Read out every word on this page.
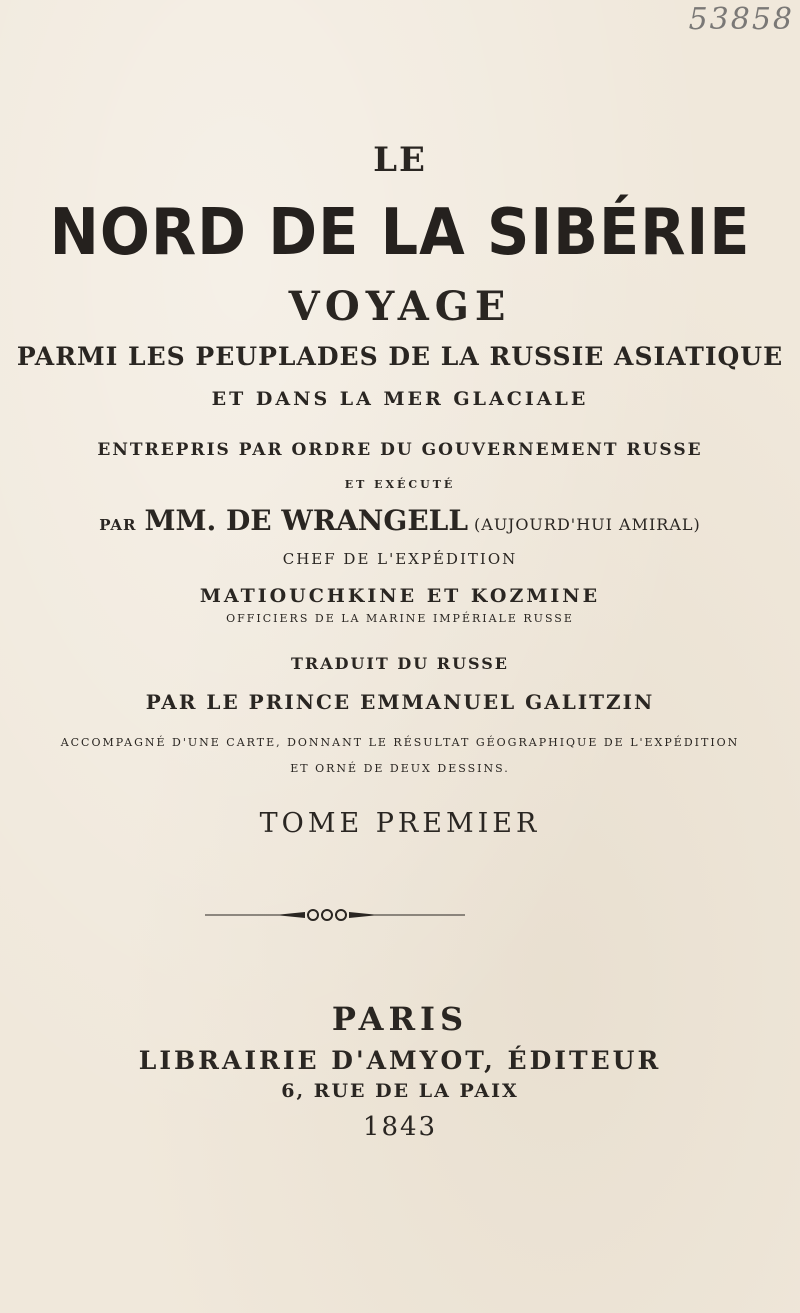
53858
LE
NORD DE LA SIBÉRIE
VOYAGE
PARMI LES PEUPLADES DE LA RUSSIE ASIATIQUE
ET DANS LA MER GLACIALE
ENTREPRIS PAR ORDRE DU GOUVERNEMENT RUSSE
ET EXÉCUTÉ
PAR MM. DE WRANGELL (AUJOURD'HUI AMIRAL)
CHEF DE L'EXPÉDITION
MATIOUCHKINE ET KOZMINE
OFFICIERS DE LA MARINE IMPÉRIALE RUSSE
TRADUIT DU RUSSE
PAR LE PRINCE EMMANUEL GALITZIN
ACCOMPAGNÉ D'UNE CARTE, DONNANT LE RÉSULTAT GÉOGRAPHIQUE DE L'EXPÉDITION
ET ORNÉ DE DEUX DESSINS.
TOME PREMIER
PARIS
LIBRAIRIE D'AMYOT, ÉDITEUR
6, RUE DE LA PAIX
1843
